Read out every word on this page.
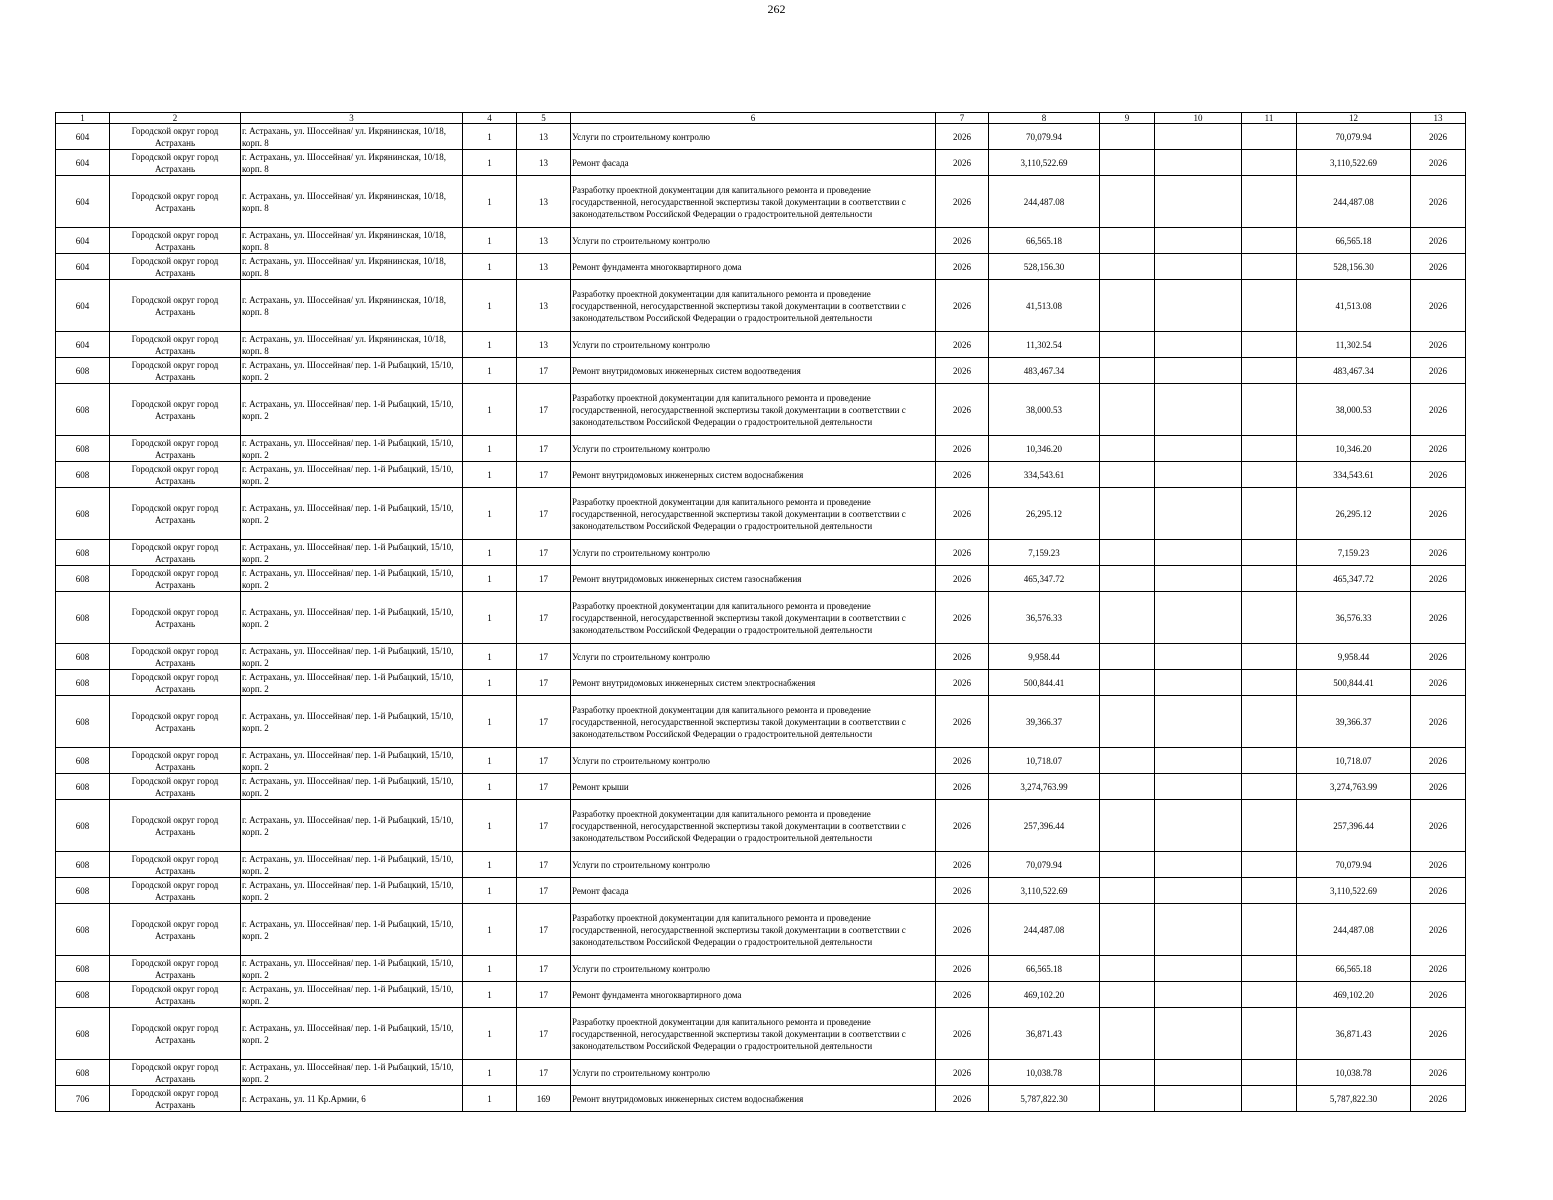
262
1	2	3	4	5	6	7	8	9	10	11	12	13
604	Городской округ город Астрахань	г. Астрахань, ул. Шоссейная/ ул. Икрянинская, 10/18, корп. 8	1	13	Услуги по строительному контролю	2026	70,079.94				70,079.94	2026
604	Городской округ город Астрахань	г. Астрахань, ул. Шоссейная/ ул. Икрянинская, 10/18, корп. 8	1	13	Ремонт фасада	2026	3,110,522.69				3,110,522.69	2026
604	Городской округ город Астрахань	г. Астрахань, ул. Шоссейная/ ул. Икрянинская, 10/18, корп. 8	1	13	Разработку проектной документации для капитального ремонта и проведение государственной, негосударственной экспертизы такой документации в соответствии с законодательством Российской Федерации о градостроительной деятельности	2026	244,487.08				244,487.08	2026
604	Городской округ город Астрахань	г. Астрахань, ул. Шоссейная/ ул. Икрянинская, 10/18, корп. 8	1	13	Услуги по строительному контролю	2026	66,565.18				66,565.18	2026
604	Городской округ город Астрахань	г. Астрахань, ул. Шоссейная/ ул. Икрянинская, 10/18, корп. 8	1	13	Ремонт фундамента многоквартирного дома	2026	528,156.30				528,156.30	2026
604	Городской округ город Астрахань	г. Астрахань, ул. Шоссейная/ ул. Икрянинская, 10/18, корп. 8	1	13	Разработку проектной документации для капитального ремонта и проведение государственной, негосударственной экспертизы такой документации в соответствии с законодательством Российской Федерации о градостроительной деятельности	2026	41,513.08				41,513.08	2026
604	Городской округ город Астрахань	г. Астрахань, ул. Шоссейная/ ул. Икрянинская, 10/18, корп. 8	1	13	Услуги по строительному контролю	2026	11,302.54				11,302.54	2026
608	Городской округ город Астрахань	г. Астрахань, ул. Шоссейная/ пер. 1-й Рыбацкий, 15/10, корп. 2	1	17	Ремонт внутридомовых инженерных систем водоотведения	2026	483,467.34				483,467.34	2026
608	Городской округ город Астрахань	г. Астрахань, ул. Шоссейная/ пер. 1-й Рыбацкий, 15/10, корп. 2	1	17	Разработку проектной документации для капитального ремонта и проведение государственной, негосударственной экспертизы такой документации в соответствии с законодательством Российской Федерации о градостроительной деятельности	2026	38,000.53				38,000.53	2026
608	Городской округ город Астрахань	г. Астрахань, ул. Шоссейная/ пер. 1-й Рыбацкий, 15/10, корп. 2	1	17	Услуги по строительному контролю	2026	10,346.20				10,346.20	2026
608	Городской округ город Астрахань	г. Астрахань, ул. Шоссейная/ пер. 1-й Рыбацкий, 15/10, корп. 2	1	17	Ремонт внутридомовых инженерных систем водоснабжения	2026	334,543.61				334,543.61	2026
608	Городской округ город Астрахань	г. Астрахань, ул. Шоссейная/ пер. 1-й Рыбацкий, 15/10, корп. 2	1	17	Разработку проектной документации для капитального ремонта и проведение государственной, негосударственной экспертизы такой документации в соответствии с законодательством Российской Федерации о градостроительной деятельности	2026	26,295.12				26,295.12	2026
608	Городской округ город Астрахань	г. Астрахань, ул. Шоссейная/ пер. 1-й Рыбацкий, 15/10, корп. 2	1	17	Услуги по строительному контролю	2026	7,159.23				7,159.23	2026
608	Городской округ город Астрахань	г. Астрахань, ул. Шоссейная/ пер. 1-й Рыбацкий, 15/10, корп. 2	1	17	Ремонт внутридомовых инженерных систем газоснабжения	2026	465,347.72				465,347.72	2026
608	Городской округ город Астрахань	г. Астрахань, ул. Шоссейная/ пер. 1-й Рыбацкий, 15/10, корп. 2	1	17	Разработку проектной документации для капитального ремонта и проведение государственной, негосударственной экспертизы такой документации в соответствии с законодательством Российской Федерации о градостроительной деятельности	2026	36,576.33				36,576.33	2026
608	Городской округ город Астрахань	г. Астрахань, ул. Шоссейная/ пер. 1-й Рыбацкий, 15/10, корп. 2	1	17	Услуги по строительному контролю	2026	9,958.44				9,958.44	2026
608	Городской округ город Астрахань	г. Астрахань, ул. Шоссейная/ пер. 1-й Рыбацкий, 15/10, корп. 2	1	17	Ремонт внутридомовых инженерных систем электроснабжения	2026	500,844.41				500,844.41	2026
608	Городской округ город Астрахань	г. Астрахань, ул. Шоссейная/ пер. 1-й Рыбацкий, 15/10, корп. 2	1	17	Разработку проектной документации для капитального ремонта и проведение государственной, негосударственной экспертизы такой документации в соответствии с законодательством Российской Федерации о градостроительной деятельности	2026	39,366.37				39,366.37	2026
608	Городской округ город Астрахань	г. Астрахань, ул. Шоссейная/ пер. 1-й Рыбацкий, 15/10, корп. 2	1	17	Услуги по строительному контролю	2026	10,718.07				10,718.07	2026
608	Городской округ город Астрахань	г. Астрахань, ул. Шоссейная/ пер. 1-й Рыбацкий, 15/10, корп. 2	1	17	Ремонт крыши	2026	3,274,763.99				3,274,763.99	2026
608	Городской округ город Астрахань	г. Астрахань, ул. Шоссейная/ пер. 1-й Рыбацкий, 15/10, корп. 2	1	17	Разработку проектной документации для капитального ремонта и проведение государственной, негосударственной экспертизы такой документации в соответствии с законодательством Российской Федерации о градостроительной деятельности	2026	257,396.44				257,396.44	2026
608	Городской округ город Астрахань	г. Астрахань, ул. Шоссейная/ пер. 1-й Рыбацкий, 15/10, корп. 2	1	17	Услуги по строительному контролю	2026	70,079.94				70,079.94	2026
608	Городской округ город Астрахань	г. Астрахань, ул. Шоссейная/ пер. 1-й Рыбацкий, 15/10, корп. 2	1	17	Ремонт фасада	2026	3,110,522.69				3,110,522.69	2026
608	Городской округ город Астрахань	г. Астрахань, ул. Шоссейная/ пер. 1-й Рыбацкий, 15/10, корп. 2	1	17	Разработку проектной документации для капитального ремонта и проведение государственной, негосударственной экспертизы такой документации в соответствии с законодательством Российской Федерации о градостроительной деятельности	2026	244,487.08				244,487.08	2026
608	Городской округ город Астрахань	г. Астрахань, ул. Шоссейная/ пер. 1-й Рыбацкий, 15/10, корп. 2	1	17	Услуги по строительному контролю	2026	66,565.18				66,565.18	2026
608	Городской округ город Астрахань	г. Астрахань, ул. Шоссейная/ пер. 1-й Рыбацкий, 15/10, корп. 2	1	17	Ремонт фундамента многоквартирного дома	2026	469,102.20				469,102.20	2026
608	Городской округ город Астрахань	г. Астрахань, ул. Шоссейная/ пер. 1-й Рыбацкий, 15/10, корп. 2	1	17	Разработку проектной документации для капитального ремонта и проведение государственной, негосударственной экспертизы такой документации в соответствии с законодательством Российской Федерации о градостроительной деятельности	2026	36,871.43				36,871.43	2026
608	Городской округ город Астрахань	г. Астрахань, ул. Шоссейная/ пер. 1-й Рыбацкий, 15/10, корп. 2	1	17	Услуги по строительному контролю	2026	10,038.78				10,038.78	2026
706	Городской округ город Астрахань	г. Астрахань, ул. 11 Кр.Армии, 6	1	169	Ремонт внутридомовых инженерных систем водоснабжения	2026	5,787,822.30				5,787,822.30	2026
